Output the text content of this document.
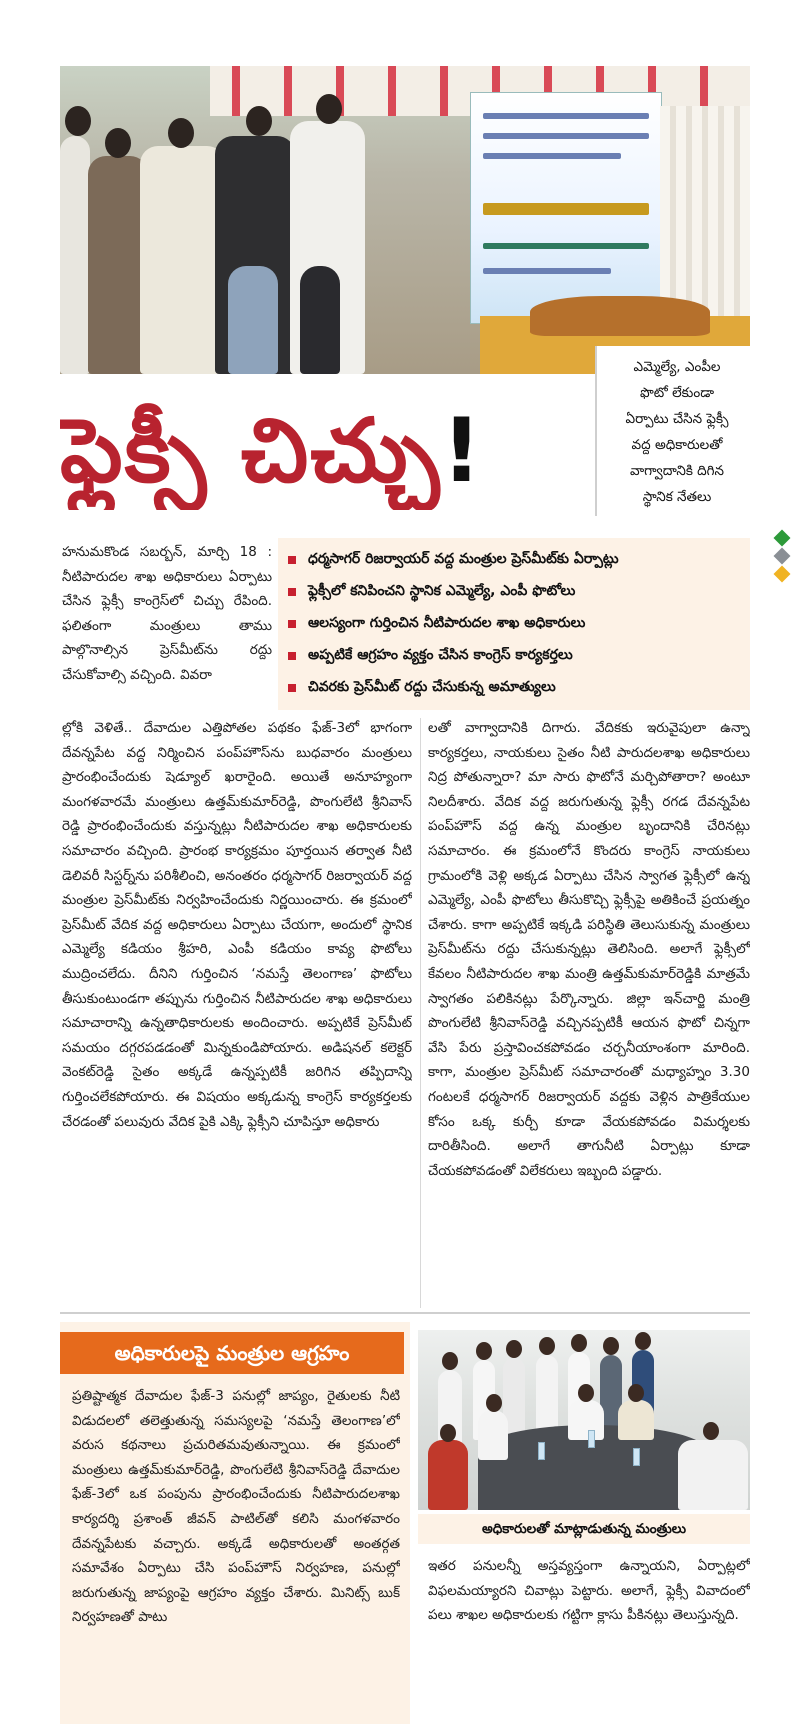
ఎమ్మెల్యే, ఎంపీల
ఫొటో లేకుండా
ఏర్పాటు చేసిన ఫ్లెక్సీ
వద్ద అధికారులతో
వాగ్వాదానికి దిగిన
స్థానిక నేతలు
ఫ్లెక్సీ చిచ్చు!

హనుమకొండ సబర్బన్, మార్చి 18 : నీటిపారుదల శాఖ అధికారులు ఏర్పాటు చేసిన ఫ్లెక్సీ కాంగ్రెస్‌లో చిచ్చు రేపింది. ఫలితంగా మంత్రులు తాము పాల్గొనాల్సిన ప్రెస్‌మీట్‌ను రద్దు చేసుకోవాల్సి వచ్చింది. వివరా

ధర్మసాగర్ రిజర్వాయర్ వద్ద మంత్రుల ప్రెస్‌మీట్‌కు ఏర్పాట్లు
ఫ్లెక్సీలో కనిపించని స్థానిక ఎమ్మెల్యే, ఎంపీ ఫొటోలు
ఆలస్యంగా గుర్తించిన నీటిపారుదల శాఖ అధికారులు
అప్పటికే ఆగ్రహం వ్యక్తం చేసిన కాంగ్రెస్ కార్యకర్తలు
చివరకు ప్రెస్‌మీట్ రద్దు చేసుకున్న అమాత్యులు

ల్లోకి వెళితే.. దేవాదుల ఎత్తిపోతల పథకం ఫేజ్-3లో భాగంగా దేవన్నపేట వద్ద నిర్మించిన పంప్‌హౌస్‌ను బుధవారం మంత్రులు ప్రారంభించేందుకు షెడ్యూల్ ఖరారైంది. అయితే అనూహ్యంగా మంగళవారమే మంత్రులు ఉత్తమ్‌కుమార్‌రెడ్డి, పొంగులేటి శ్రీనివాస్ రెడ్డి ప్రారంభించేందుకు వస్తున్నట్లు నీటిపారుదల శాఖ అధికారులకు సమాచారం వచ్చింది. ప్రారంభ కార్యక్రమం పూర్తయిన తర్వాత నీటి డెలివరీ సిస్టర్న్‌ను పరిశీలించి, అనంతరం ధర్మసాగర్ రిజర్వాయర్ వద్ద మంత్రుల ప్రెస్‌మీట్‌కు నిర్వహించేందుకు నిర్ణయించారు. ఈ క్రమంలో ప్రెస్‌మీట్ వేదిక వద్ద అధికారులు ఏర్పాటు చేయగా, అందులో స్థానిక ఎమ్మెల్యే కడియం శ్రీహరి, ఎంపీ కడియం కావ్య ఫొటోలు ముద్రించలేదు. దీనిని గుర్తించిన ‘నమస్తే తెలంగాణ’ ఫొటోలు తీసుకుంటుండగా తప్పును గుర్తించిన నీటిపారుదల శాఖ అధికారులు సమాచారాన్ని ఉన్నతాధికారులకు అందించారు. అప్పటికే ప్రెస్‌మీట్ సమయం దగ్గరపడడంతో మిన్నకుండిపోయారు. అడిషనల్ కలెక్టర్ వెంకట్‌రెడ్డి సైతం అక్కడే ఉన్నప్పటికీ జరిగిన తప్పిదాన్ని గుర్తించలేకపోయారు. ఈ విషయం అక్కడున్న కాంగ్రెస్ కార్యకర్తలకు చేరడంతో పలువురు వేదిక పైకి ఎక్కి ఫ్లెక్సీని చూపిస్తూ అధికారు

లతో వాగ్వాదానికి దిగారు. వేదికకు ఇరువైపులా ఉన్నా కార్యకర్తలు, నాయకులు సైతం నీటి పారుదలశాఖ అధికారులు నిద్ర పోతున్నారా? మా సారు ఫొటోనే మర్చిపోతారా? అంటూ నిలదీశారు. వేదిక వద్ద జరుగుతున్న ఫ్లెక్సీ రగడ దేవన్నపేట పంప్‌హౌస్ వద్ద ఉన్న మంత్రుల బృందానికి చేరినట్లు సమాచారం. ఈ క్రమంలోనే కొందరు కాంగ్రెస్ నాయకులు గ్రామంలోకి వెళ్లి అక్కడ ఏర్పాటు చేసిన స్వాగత ఫ్లెక్సీలో ఉన్న ఎమ్మెల్యే, ఎంపీ ఫొటోలు తీసుకొచ్చి ఫ్లెక్సీపై అతికించే ప్రయత్నం చేశారు. కాగా అప్పటికే ఇక్కడి పరిస్థితి తెలుసుకున్న మంత్రులు ప్రెస్‌మీట్‌ను రద్దు చేసుకున్నట్లు తెలిసింది. అలాగే ఫ్లెక్సీలో కేవలం నీటిపారుదల శాఖ మంత్రి ఉత్తమ్‌కుమార్‌రెడ్డికి మాత్రమే స్వాగతం పలికినట్లు పేర్కొన్నారు. జిల్లా ఇన్‌చార్జి మంత్రి పొంగులేటి శ్రీనివాస్‌రెడ్డి వచ్చినప్పటికీ ఆయన ఫొటో చిన్నగా వేసి పేరు ప్రస్తావించకపోవడం చర్చనీయాంశంగా మారింది. కాగా, మంత్రుల ప్రెస్‌మీట్ సమాచారంతో మధ్యాహ్నం 3.30 గంటలకే ధర్మసాగర్ రిజర్వాయర్ వద్దకు వెళ్లిన పాత్రికేయుల కోసం ఒక్క కుర్చీ కూడా వేయకపోవడం విమర్శలకు దారితీసింది. అలాగే తాగునీటి ఏర్పాట్లు కూడా చేయకపోవడంతో విలేకరులు ఇబ్బంది పడ్డారు.

అధికారులపై మంత్రుల ఆగ్రహం

ప్రతిష్టాత్మక దేవాదుల ఫేజ్-3 పనుల్లో జాప్యం, రైతులకు నీటి విడుదలలో తలెత్తుతున్న సమస్యలపై ‘నమస్తే తెలంగాణ’లో వరుస కథనాలు ప్రచురితమవుతున్నాయి. ఈ క్రమంలో మంత్రులు ఉత్తమ్‌కుమార్‌రెడ్డి, పొంగులేటి శ్రీనివాస్‌రెడ్డి దేవాదుల ఫేజ్-3లో ఒక పంపును ప్రారంభించేందుకు నీటిపారుదలశాఖ కార్యదర్శి ప్రశాంత్ జీవన్ పాటిల్‌తో కలిసి మంగళవారం దేవన్నపేటకు వచ్చారు. అక్కడే అధికారులతో అంతర్గత సమావేశం ఏర్పాటు చేసి పంప్‌హౌస్ నిర్వహణ, పనుల్లో జరుగుతున్న జాప్యంపై ఆగ్రహం వ్యక్తం చేశారు. మినిట్స్ బుక్ నిర్వహణతో పాటు

అధికారులతో మాట్లాడుతున్న మంత్రులు

ఇతర పనులన్నీ అస్తవ్యస్తంగా ఉన్నాయని, ఏర్పాట్లలో విఫలమయ్యారని చివాట్లు పెట్టారు. అలాగే, ఫ్లెక్సీ వివాదంలో పలు శాఖల అధికారులకు గట్టిగా క్లాసు పీకినట్లు తెలుస్తున్నది.
